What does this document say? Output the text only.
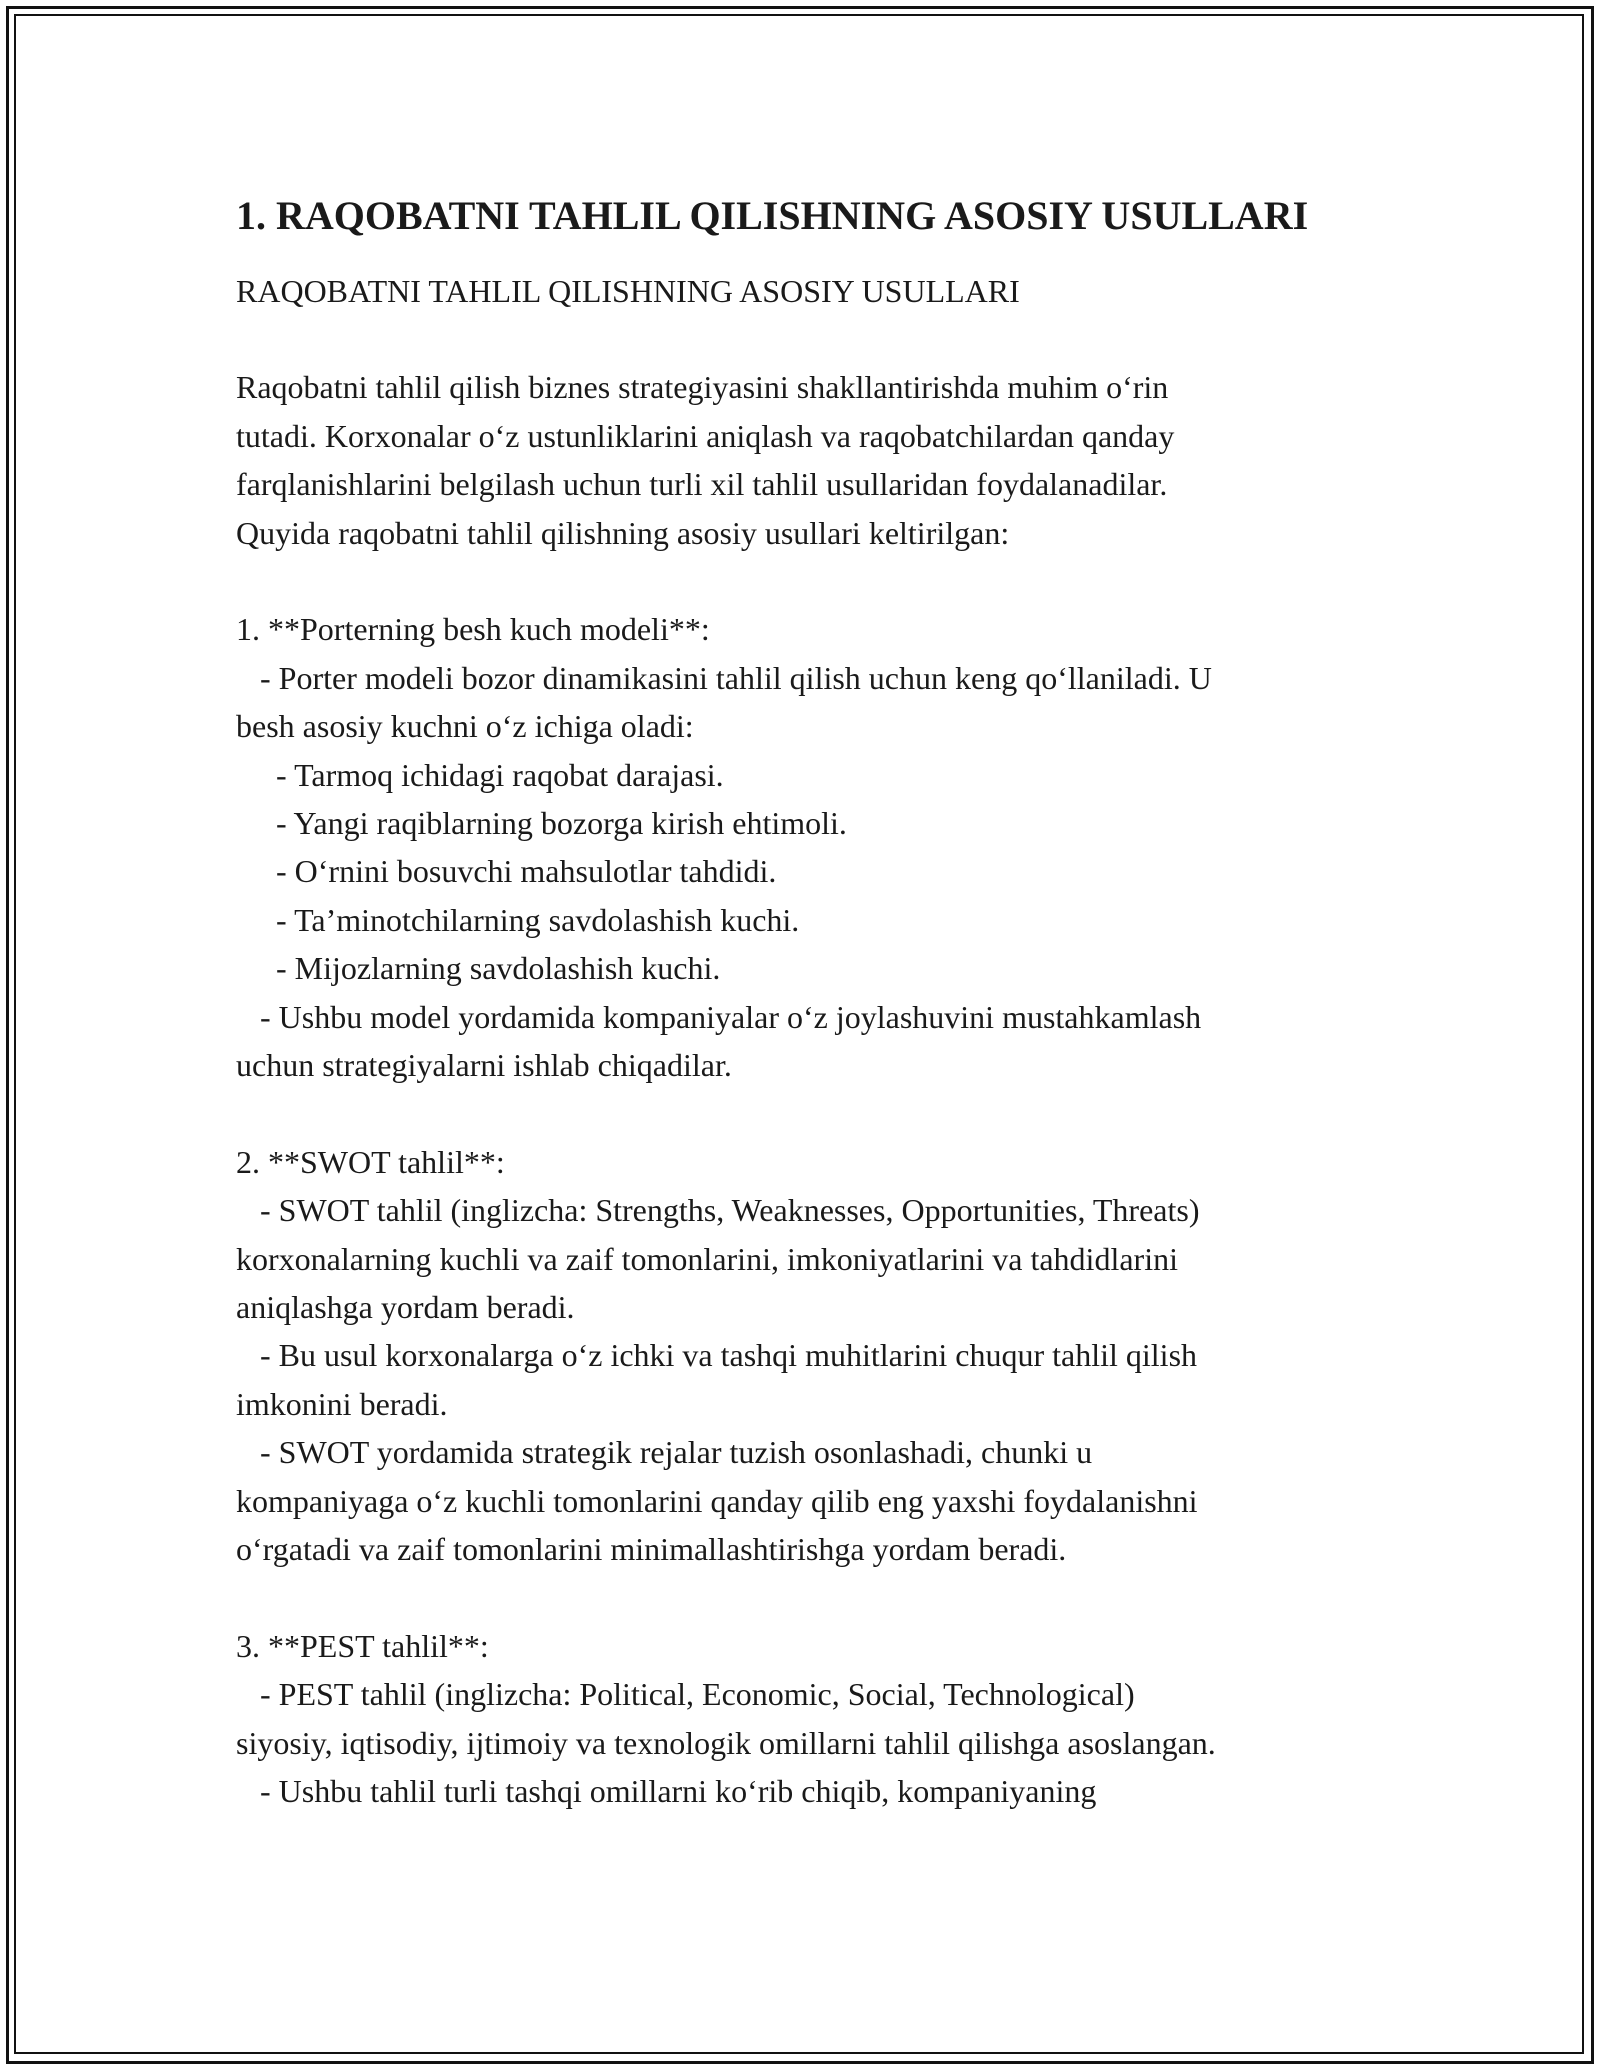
1. RAQOBATNI TAHLIL QILISHNING ASOSIY USULLARI
RAQOBATNI TAHLIL QILISHNING ASOSIY USULLARI
Raqobatni tahlil qilish biznes strategiyasini shakllantirishda muhim oʻrin
tutadi. Korxonalar oʻz ustunliklarini aniqlash va raqobatchilardan qanday
farqlanishlarini belgilash uchun turli xil tahlil usullaridan foydalanadilar.
Quyida raqobatni tahlil qilishning asosiy usullari keltirilgan:
1. **Porterning besh kuch modeli**:
- Porter modeli bozor dinamikasini tahlil qilish uchun keng qoʻllaniladi. U
besh asosiy kuchni oʻz ichiga oladi:
- Tarmoq ichidagi raqobat darajasi.
- Yangi raqiblarning bozorga kirish ehtimoli.
- Oʻrnini bosuvchi mahsulotlar tahdidi.
- Taʼminotchilarning savdolashish kuchi.
- Mijozlarning savdolashish kuchi.
- Ushbu model yordamida kompaniyalar oʻz joylashuvini mustahkamlash
uchun strategiyalarni ishlab chiqadilar.
2. **SWOT tahlil**:
- SWOT tahlil (inglizcha: Strengths, Weaknesses, Opportunities, Threats)
korxonalarning kuchli va zaif tomonlarini, imkoniyatlarini va tahdidlarini
aniqlashga yordam beradi.
- Bu usul korxonalarga oʻz ichki va tashqi muhitlarini chuqur tahlil qilish
imkonini beradi.
- SWOT yordamida strategik rejalar tuzish osonlashadi, chunki u
kompaniyaga oʻz kuchli tomonlarini qanday qilib eng yaxshi foydalanishni
oʻrgatadi va zaif tomonlarini minimallashtirishga yordam beradi.
3. **PEST tahlil**:
- PEST tahlil (inglizcha: Political, Economic, Social, Technological)
siyosiy, iqtisodiy, ijtimoiy va texnologik omillarni tahlil qilishga asoslangan.
- Ushbu tahlil turli tashqi omillarni koʻrib chiqib, kompaniyaning
